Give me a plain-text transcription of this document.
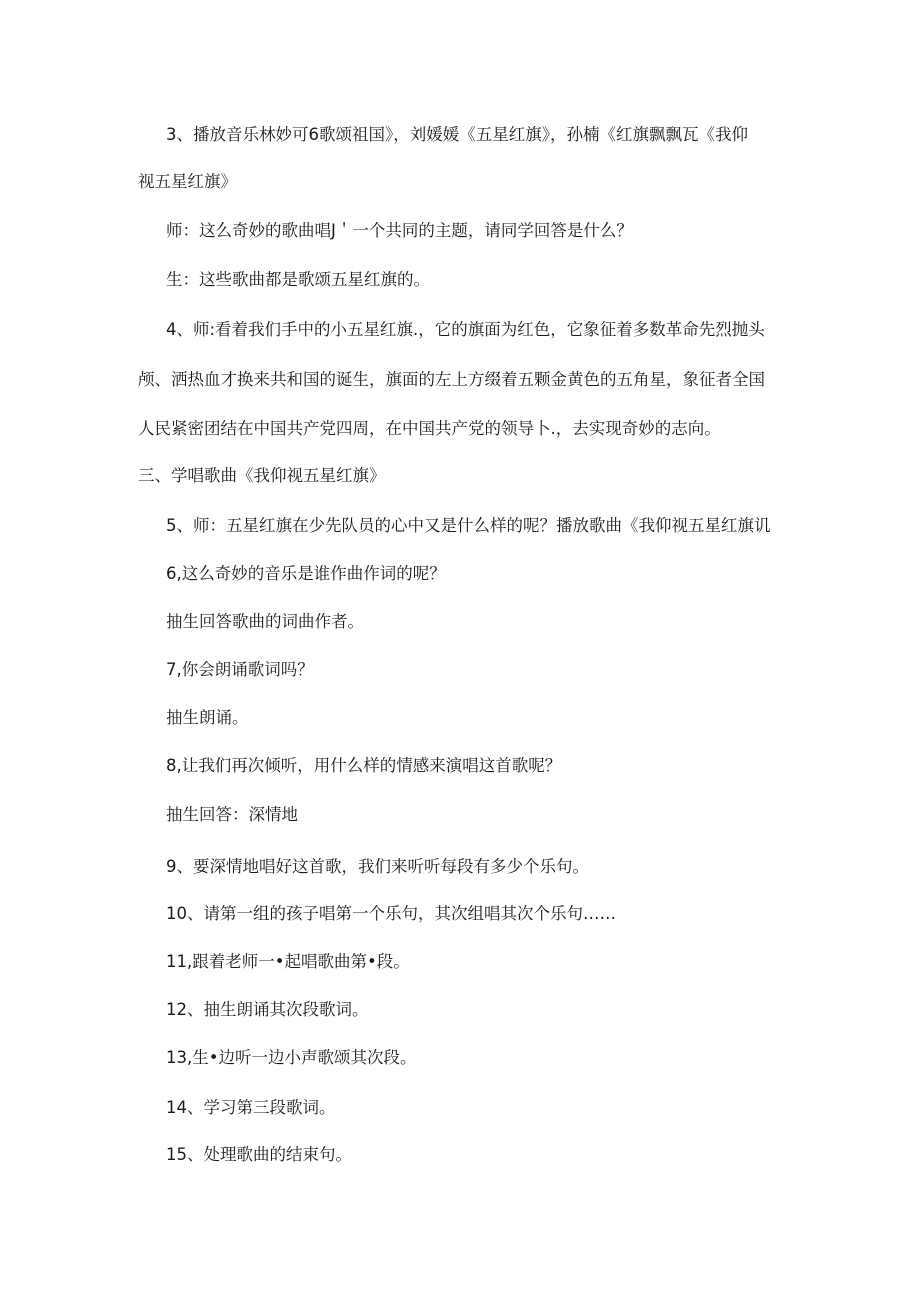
3、播放音乐林妙可6歌颂祖国》，刘媛媛《五星红旗》，孙楠《红旗飘飘瓦《我仰
视五星红旗》
师：这么奇妙的歌曲唱J＇一个共同的主题，请同学回答是什么？
生：这些歌曲都是歌颂五星红旗的。
4、师:看着我们手中的小五星红旗.，它的旗面为红色，它象征着多数革命先烈抛头
颅、洒热血才换来共和国的诞生，旗面的左上方缀着五颗金黄色的五角星，象征者全国
人民紧密团结在中国共产党四周，在中国共产党的领导卜.，去实现奇妙的志向。
三、学唱歌曲《我仰视五星红旗》
5、师：五星红旗在少先队员的心中又是什么样的呢？播放歌曲《我仰视五星红旗讥
6,这么奇妙的音乐是谁作曲作词的呢？
抽生回答歌曲的词曲作者。
7,你会朗诵歌词吗？
抽生朗诵。
8,让我们再次倾听，用什么样的情感来演唱这首歌呢？
抽生回答：深情地
9、要深情地唱好这首歌，我们来听听每段有多少个乐句。
10、请第一组的孩子唱第一个乐句，其次组唱其次个乐句……
11,跟着老师一•起唱歌曲第•段。
12、抽生朗诵其次段歌词。
13,生•边听一边小声歌颂其次段。
14、学习第三段歌词。
15、处理歌曲的结束句。
